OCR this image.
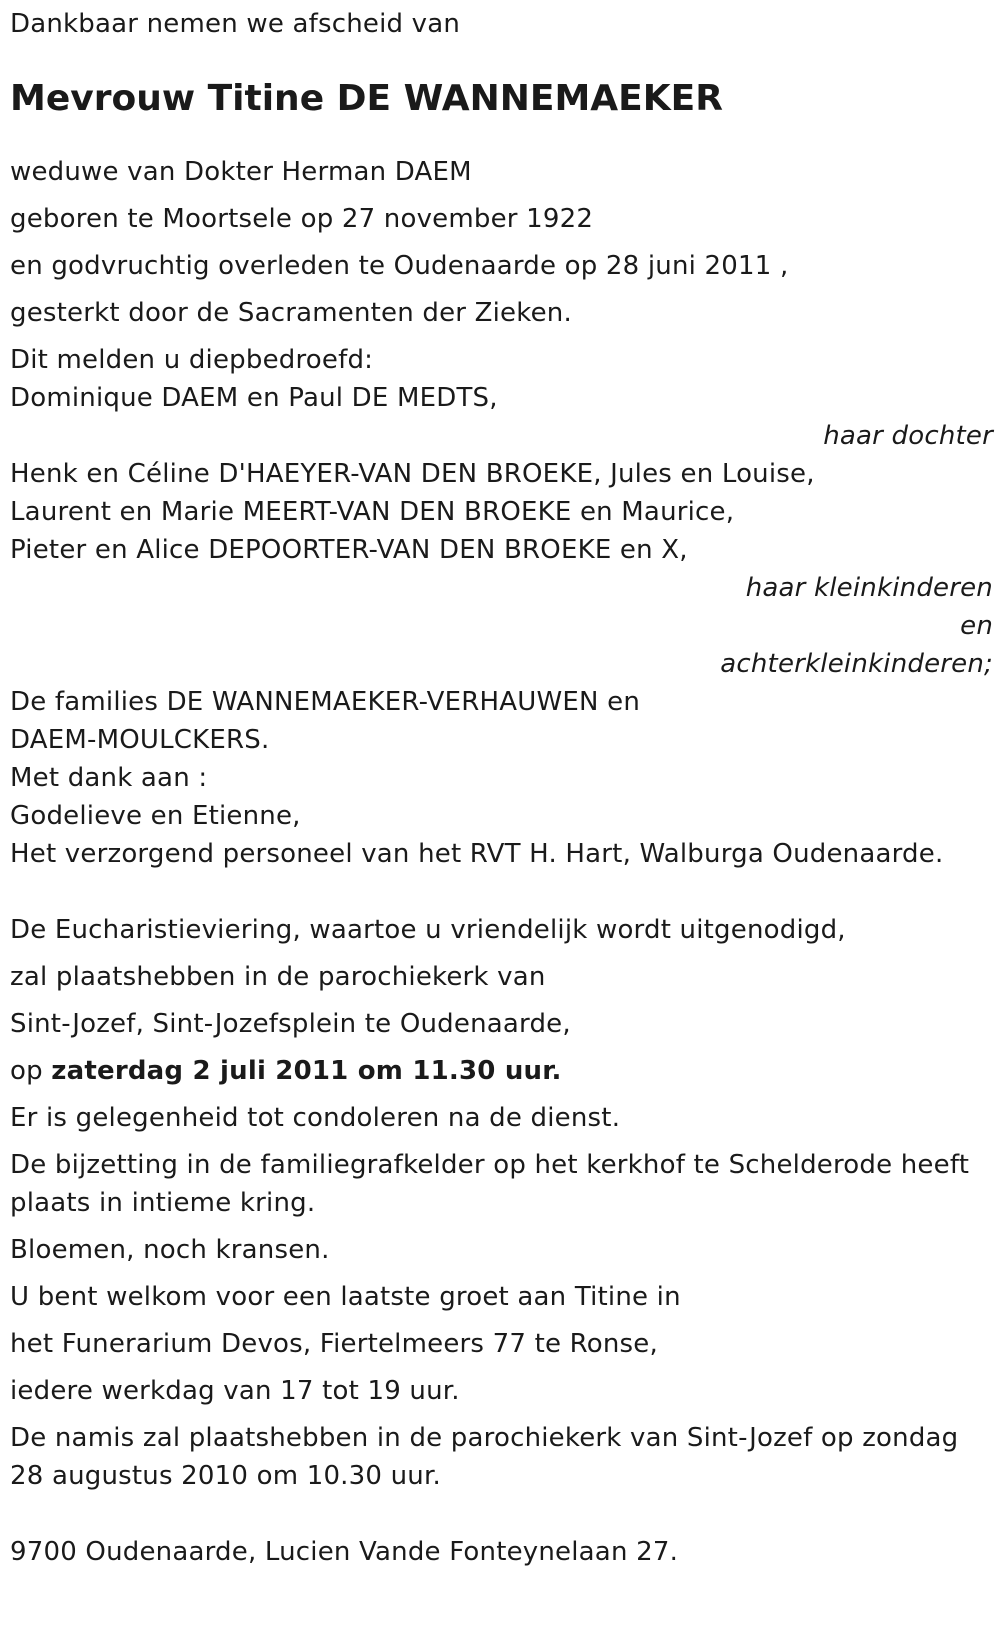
Dankbaar nemen we afscheid van
Mevrouw Titine DE WANNEMAEKER
weduwe van Dokter Herman DAEM
geboren te Moortsele op 27 november 1922
en godvruchtig overleden te Oudenaarde op 28 juni 2011 ,
gesterkt door de Sacramenten der Zieken.
Dit melden u diepbedroefd:
Dominique DAEM en Paul DE MEDTS,
haar dochter
Henk en Céline D'HAEYER-VAN DEN BROEKE, Jules en Louise,
Laurent en Marie MEERT-VAN DEN BROEKE en Maurice,
Pieter en Alice DEPOORTER-VAN DEN BROEKE en X,
haar kleinkinderen
en
achterkleinkinderen;
De families DE WANNEMAEKER-VERHAUWEN en
DAEM-MOULCKERS.
Met dank aan :
Godelieve en Etienne,
Het verzorgend personeel van het RVT H. Hart, Walburga Oudenaarde.
De Eucharistieviering, waartoe u vriendelijk wordt uitgenodigd,
zal plaatshebben in de parochiekerk van
Sint-Jozef, Sint-Jozefsplein te Oudenaarde,
op zaterdag 2 juli 2011 om 11.30 uur.
Er is gelegenheid tot condoleren na de dienst.
De bijzetting in de familiegrafkelder op het kerkhof te Schelderode heeft plaats in intieme kring.
Bloemen, noch kransen.
U bent welkom voor een laatste groet aan Titine in
het Funerarium Devos, Fiertelmeers 77 te Ronse,
iedere werkdag van 17 tot 19 uur.
De namis zal plaatshebben in de parochiekerk van Sint-Jozef op zondag 28 augustus 2010 om 10.30 uur.
9700 Oudenaarde, Lucien Vande Fonteynelaan 27.
